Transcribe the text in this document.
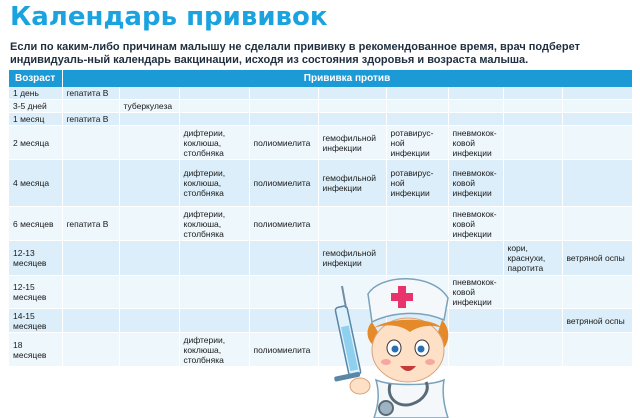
Календарь прививок

Если по каким-либо причинам малышу не сделали прививку в рекомендованное время, врач подберет индивидуаль-ный календарь вакцинации, исходя из состояния здоровья и возраста малыша.

Возраст	Прививка против								
1 день	гепатита В								
3-5 дней		туберкулеза							
1 месяц	гепатита В								
2 месяца			дифтерии, коклюша, столбняка	полиомиелита	гемофильной инфекции	ротавирус-ной инфекции	пневмокок-ковой инфекции		
4 месяца			дифтерии, коклюша, столбняка	полиомиелита	гемофильной инфекции	ротавирус-ной инфекции	пневмокок-ковой инфекции		
6 месяцев	гепатита В		дифтерии, коклюша, столбняка	полиомиелита			пневмокок-ковой инфекции		
12-13 месяцев					гемофильной инфекции			кори, краснухи, паротита	ветряной оспы
12-15 месяцев							пневмокок-ковой инфекции		
14-15 месяцев									ветряной оспы
18 месяцев			дифтерии, коклюша, столбняка	полиомиелита					
